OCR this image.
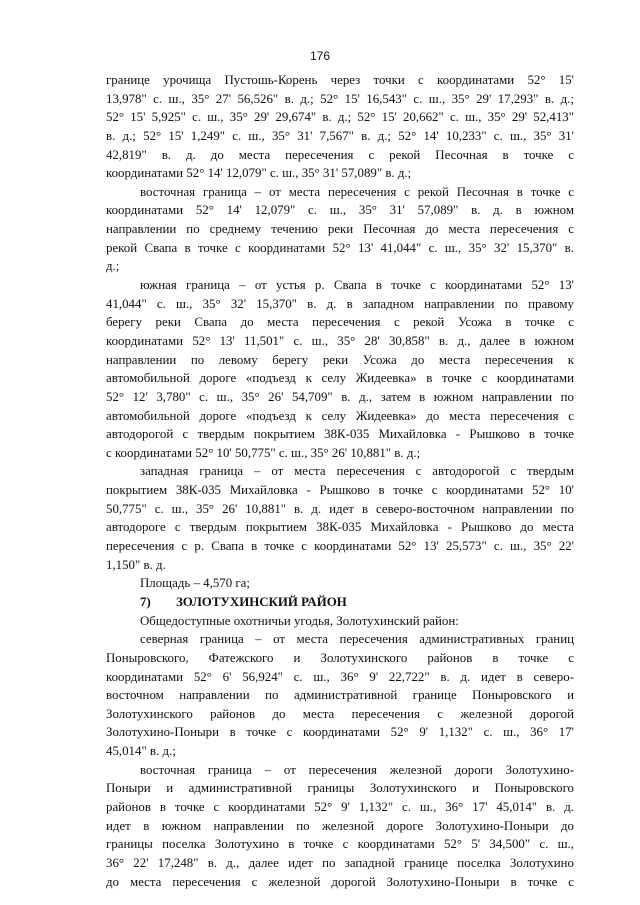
176
границе урочища Пустошь-Корень через точки с координатами 52° 15'
13,978" с. ш., 35° 27' 56,526" в. д.; 52° 15' 16,543" с. ш., 35° 29' 17,293" в. д.;
52° 15' 5,925" с. ш., 35° 29' 29,674" в. д.; 52° 15' 20,662" с. ш., 35° 29' 52,413"
в. д.; 52° 15' 1,249" с. ш., 35° 31' 7,567" в. д.; 52° 14' 10,233" с. ш., 35° 31'
42,819" в. д. до места пересечения с рекой Песочная в точке с
координатами 52° 14' 12,079" с. ш., 35° 31' 57,089" в. д.;
восточная граница – от места пересечения с рекой Песочная в точке с
координатами 52° 14' 12,079" с. ш., 35° 31' 57,089" в. д. в южном
направлении по среднему течению реки Песочная до места пересечения с
рекой Свапа в точке с координатами 52° 13' 41,044" с. ш., 35° 32' 15,370" в.
д.;
южная граница – от устья р. Свапа в точке с координатами 52° 13'
41,044" с. ш., 35° 32' 15,370" в. д. в западном направлении по правому
берегу реки Свапа до места пересечения с рекой Усожа в точке с
координатами 52° 13' 11,501" с. ш., 35° 28' 30,858" в. д., далее в южном
направлении по левому берегу реки Усожа до места пересечения к
автомобильной дороге «подъезд к селу Жидеевка» в точке с координатами
52° 12' 3,780" с. ш., 35° 26' 54,709" в. д., затем в южном направлении по
автомобильной дороге «подъезд к селу Жидеевка» до места пересечения с
автодорогой с твердым покрытием 38К-035 Михайловка - Рышково в точке
с координатами 52° 10' 50,775" с. ш., 35° 26' 10,881" в. д.;
западная граница – от места пересечения с автодорогой с твердым
покрытием 38К-035 Михайловка - Рышково в точке с координатами 52° 10'
50,775" с. ш., 35° 26' 10,881" в. д. идет в северо-восточном направлении по
автодороге с твердым покрытием 38К-035 Михайловка - Рышково до места
пересечения с р. Свапа в точке с координатами 52° 13' 25,573" с. ш., 35° 22'
1,150" в. д.
Площадь – 4,570 га;
7) ЗОЛОТУХИНСКИЙ РАЙОН
Общедоступные охотничьи угодья, Золотухинский район:
северная граница – от места пересечения административных границ
Поныровского, Фатежского и Золотухинского районов в точке с
координатами 52° 6' 56,924" с. ш., 36° 9' 22,722" в. д. идет в северо-
восточном направлении по административной границе Поныровского и
Золотухинского районов до места пересечения с железной дорогой
Золотухино-Поныри в точке с координатами 52° 9' 1,132" с. ш., 36° 17'
45,014" в. д.;
восточная граница – от пересечения железной дороги Золотухино-
Поныри и административной границы Золотухинского и Поныровского
районов в точке с координатами 52° 9' 1,132" с. ш., 36° 17' 45,014" в. д.
идет в южном направлении по железной дороге Золотухино-Поныри до
границы поселка Золотухино в точке с координатами 52° 5' 34,500" с. ш.,
36° 22' 17,248" в. д., далее идет по западной границе поселка Золотухино
до места пересечения с железной дорогой Золотухино-Поныри в точке с
